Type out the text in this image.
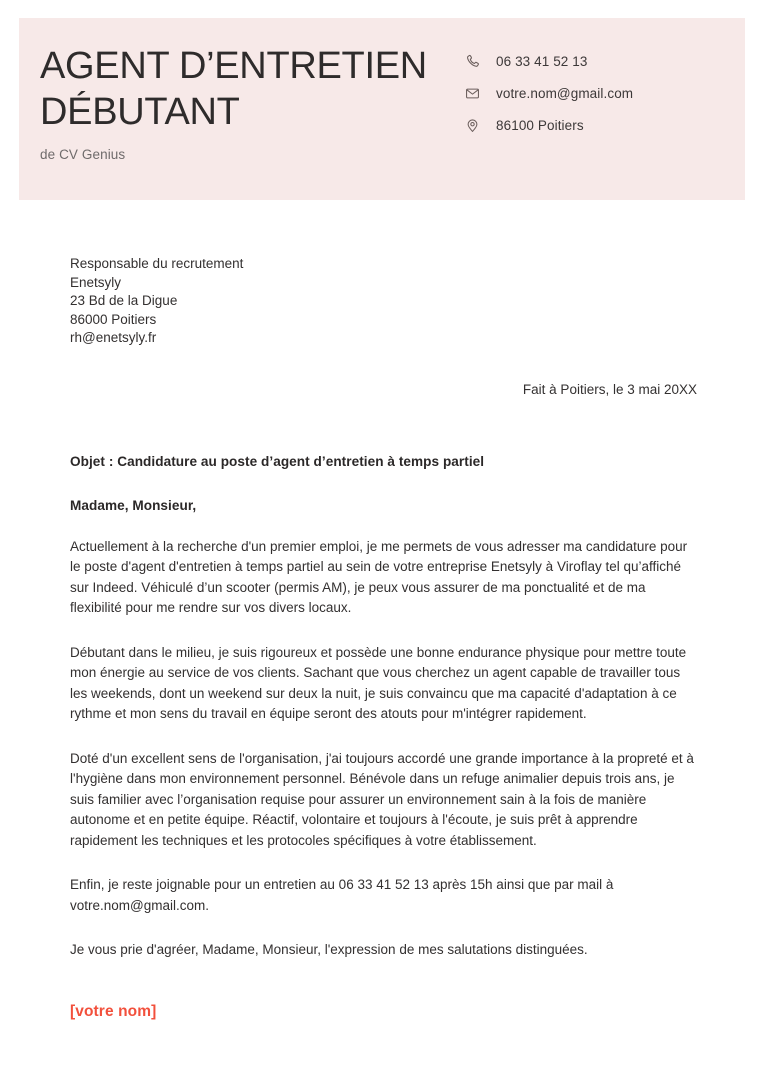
AGENT D’ENTRETIEN DÉBUTANT
de CV Genius
06 33 41 52 13
votre.nom@gmail.com
86100 Poitiers
Responsable du recrutement
Enetsyly
23 Bd de la Digue
86000 Poitiers
rh@enetsyly.fr
Fait à Poitiers, le 3 mai 20XX
Objet : Candidature au poste d’agent d’entretien à temps partiel
Madame, Monsieur,

Actuellement à la recherche d'un premier emploi, je me permets de vous adresser ma candidature pour le poste d'agent d'entretien à temps partiel au sein de votre entreprise Enetsyly à Viroflay tel qu’affiché sur Indeed. Véhiculé d’un scooter (permis AM), je peux vous assurer de ma ponctualité et de ma flexibilité pour me rendre sur vos divers locaux.

Débutant dans le milieu, je suis rigoureux et possède une bonne endurance physique pour mettre toute mon énergie au service de vos clients. Sachant que vous cherchez un agent capable de travailler tous les weekends, dont un weekend sur deux la nuit, je suis convaincu que ma capacité d'adaptation à ce rythme et mon sens du travail en équipe seront des atouts pour m'intégrer rapidement.

Doté d'un excellent sens de l'organisation, j'ai toujours accordé une grande importance à la propreté et à l'hygiène dans mon environnement personnel. Bénévole dans un refuge animalier depuis trois ans, je suis familier avec l’organisation requise pour assurer un environnement sain à la fois de manière autonome et en petite équipe. Réactif, volontaire et toujours à l'écoute, je suis prêt à apprendre rapidement les techniques et les protocoles spécifiques à votre établissement.

Enfin, je reste joignable pour un entretien au 06 33 41 52 13 après 15h ainsi que par mail à votre.nom@gmail.com.

Je vous prie d'agréer, Madame, Monsieur, l'expression de mes salutations distinguées.

[votre nom]
